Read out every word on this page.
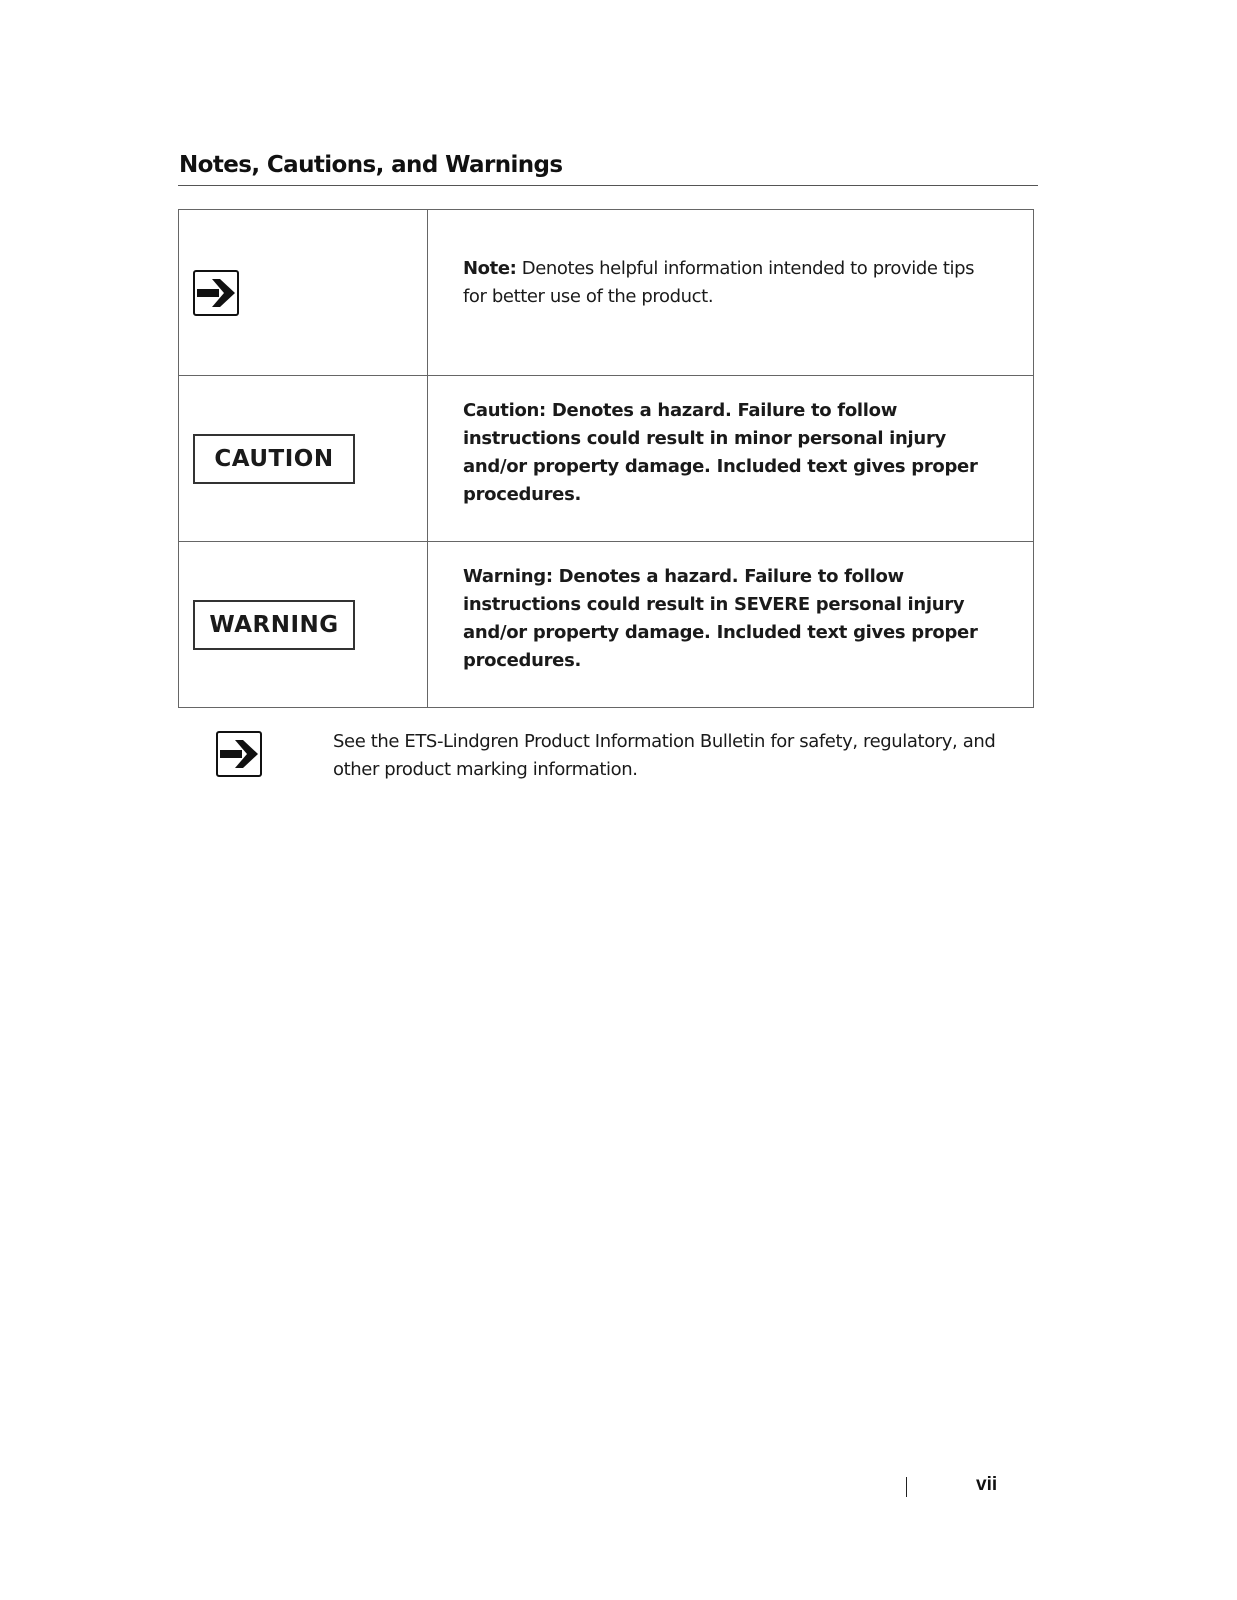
Notes, Cautions, and Warnings

Note: Denotes helpful information intended to provide tips for better use of the product.

CAUTION	Caution: Denotes a hazard. Failure to follow instructions could result in minor personal injury and/or property damage. Included text gives proper procedures.

WARNING	Warning: Denotes a hazard. Failure to follow instructions could result in SEVERE personal injury and/or property damage. Included text gives proper procedures.
See the ETS-Lindgren Product Information Bulletin for safety, regulatory, and other product marking information.
vii
